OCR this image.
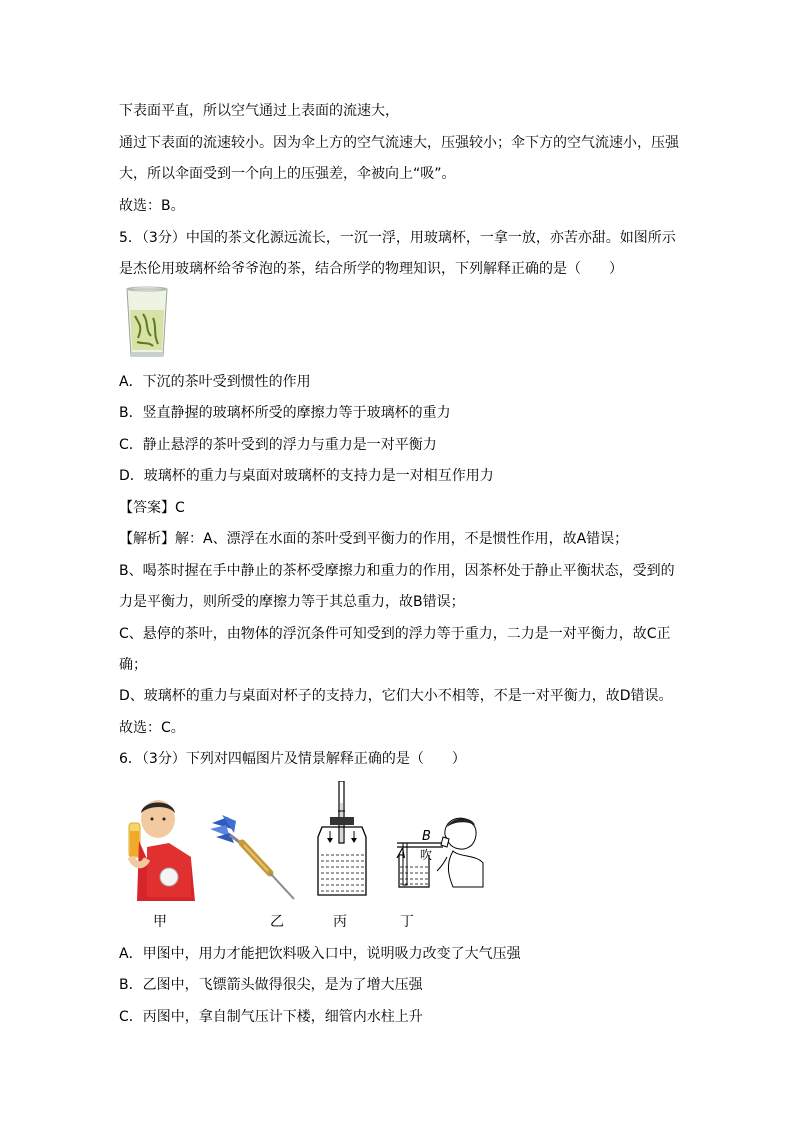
下表面平直，所以空气通过上表面的流速大，
通过下表面的流速较小。因为伞上方的空气流速大，压强较小；伞下方的空气流速小，压强
大，所以伞面受到一个向上的压强差，伞被向上“吸”。
故选：B。
5．（3分）中国的茶文化源远流长，一沉一浮，用玻璃杯，一拿一放，亦苦亦甜。如图所示
是杰伦用玻璃杯给爷爷泡的茶，结合所学的物理知识，下列解释正确的是（　　）
A．下沉的茶叶受到惯性的作用
B．竖直静握的玻璃杯所受的摩擦力等于玻璃杯的重力
C．静止悬浮的茶叶受到的浮力与重力是一对平衡力
D．玻璃杯的重力与桌面对玻璃杯的支持力是一对相互作用力
【答案】C
【解析】解：A、漂浮在水面的茶叶受到平衡力的作用，不是惯性作用，故A错误；
B、喝茶时握在手中静止的茶杯受摩擦力和重力的作用，因茶杯处于静止平衡状态，受到的
力是平衡力，则所受的摩擦力等于其总重力，故B错误；
C、悬停的茶叶，由物体的浮沉条件可知受到的浮力等于重力，二力是一对平衡力，故C正
确；
D、玻璃杯的重力与桌面对杯子的支持力，它们大小不相等，不是一对平衡力，故D错误。
故选：C。
6．（3分）下列对四幅图片及情景解释正确的是（　　）
B
A 吹
甲	乙	丙	丁
A．甲图中，用力才能把饮料吸入口中，说明吸力改变了大气压强
B．乙图中，飞镖箭头做得很尖，是为了增大压强
C．丙图中，拿自制气压计下楼，细管内水柱上升
